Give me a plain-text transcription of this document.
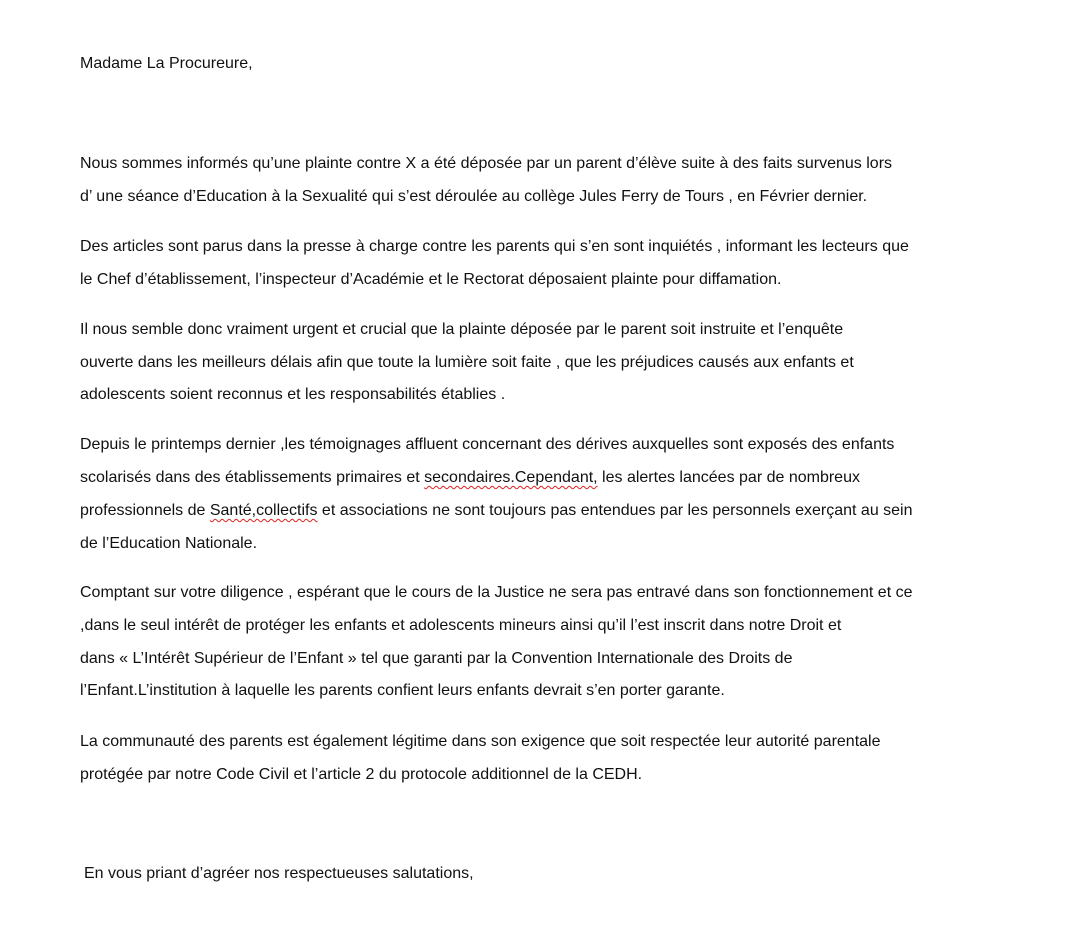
Madame La Procureure,

Nous sommes informés qu’une plainte contre X a été déposée par un parent d’élève suite à des faits survenus lors

d’ une séance d’Education à la Sexualité qui s’est déroulée au collège Jules Ferry de Tours , en Février dernier.

Des articles sont parus dans la presse à charge contre les parents qui s’en sont inquiétés , informant les lecteurs que

le Chef d’établissement, l’inspecteur d’Académie et le Rectorat déposaient plainte pour diffamation.

Il nous semble donc vraiment urgent et crucial que la plainte déposée par le parent soit instruite et l’enquête

ouverte dans les meilleurs délais afin que toute la lumière soit faite , que les préjudices causés aux enfants et

adolescents soient reconnus et les responsabilités établies .

Depuis le printemps dernier ,les témoignages affluent concernant des dérives auxquelles sont exposés des enfants

scolarisés dans des établissements primaires et secondaires.Cependant, les alertes lancées par de nombreux

professionnels de Santé,collectifs et associations ne sont toujours pas entendues par les personnels exerçant au sein

de l’Education Nationale.

Comptant sur votre diligence , espérant que le cours de la Justice ne sera pas entravé dans son fonctionnement et ce

,dans le seul intérêt de protéger les enfants et adolescents mineurs ainsi qu’il l’est inscrit dans notre Droit et

dans « L’Intérêt Supérieur de l’Enfant » tel que garanti par la Convention Internationale des Droits de

l’Enfant.L’institution à laquelle les parents confient leurs enfants devrait s’en porter garante.

La communauté des parents est également légitime dans son exigence que soit respectée leur autorité parentale

protégée par notre Code Civil et l’article 2 du protocole additionnel de la CEDH.

En vous priant d’agréer nos respectueuses salutations,
